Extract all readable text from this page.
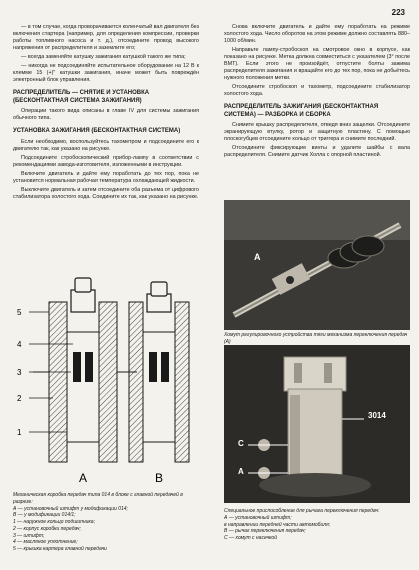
223

— в том случае, когда проворачивается коленчатый вал двигателя без включения стартера (например, для определения компрессии, проверки работы топливного насоса и т. д.), отсоедините провод высокого напряжения от распределителя и заземлите его;

— всегда заменяйте катушку зажигания катушкой такого же типа;

— никогда не подсоединяйте испытательное оборудование на 12 В к клемме 15 (+)" катушки зажигания, иначе может быть повреждён электронный блок управления.

РАСПРЕДЕЛИТЕЛЬ — СНЯТИЕ И УСТАНОВКА (БЕСКОНТАКТНАЯ СИСТЕМА ЗАЖИГАНИЯ)

Операции такого вида описаны в главе IV для системы зажигания обычного типа.

УСТАНОВКА ЗАЖИГАНИЯ (БЕСКОНТАКТНАЯ СИСТЕМА)

Если необходимо, воспользуйтесь тахометром и подсоедините его к двигателю так, как указано на рисунке.

Подсоедините стробоскопический прибор-лампу в соответствии с рекомендациями завода-изготовителя, изложенными в инструкции.

Включите двигатель и дайте ему поработать до тех пор, пока не установится нормальная рабочая температура охлаждающей жидкости.

Выключите двигатель и затем отсоедините оба разъема от цифрового стабилизатора холостого хода. Соедините их так, как указано на рисунке.

5
4
3
2
1
A	B
Механическая коробка передач типа 014 в блоке с главной передачей в разрезе:
А — установочный штифт у модификации 014;
В — у модификации 014/1;
1 — наружное кольцо подшипника;
2 — корпус коробки передач;
3 — штифт;
4 — масляное уплотнение;
5 — крышка картера главной передачи

Снова включите двигатель и дайте ему поработать на режиме холостого хода. Число оборотов на этом режиме должно составлять 880–1000 об/мин.

Направьте лампу-стробоскоп на смотровое окно в корпусе, как показано на рисунке. Метка должна совместиться с указателем (3° после ВМТ). Если этого не произойдёт, отпустите болты зажима распределителя зажигания и вращайте его до тех пор, пока не добьётесь нужного положения метки.

Отсоедините стробоскоп и тахометр, подсоедините стабилизатор холостого хода.

РАСПРЕДЕЛИТЕЛЬ ЗАЖИГАНИЯ (БЕСКОНТАКТНАЯ СИСТЕМА) — РАЗБОРКА И СБОРКА

Снимите крышку распределителя, отведя вниз защелки. Отсоедините экранирующую втулку, ротор и защитную пластину. С помощью плоскогубцев отсоедините кольцо от триггера и снимите последний.

Отсоедините фиксирующие винты и удалите шайбы с вала распределителя. Снимите датчик Холла с опорной пластиной.

A
Хомут регулировочного устройства тяги механизма переключения передач (А)
3014
C
A
Специальное приспособление для рычага переключения передач:
А — установочный штифт;
в направлении передней части автомобиля;
В — рычаг переключения передач;
С — хомут с насечкой
